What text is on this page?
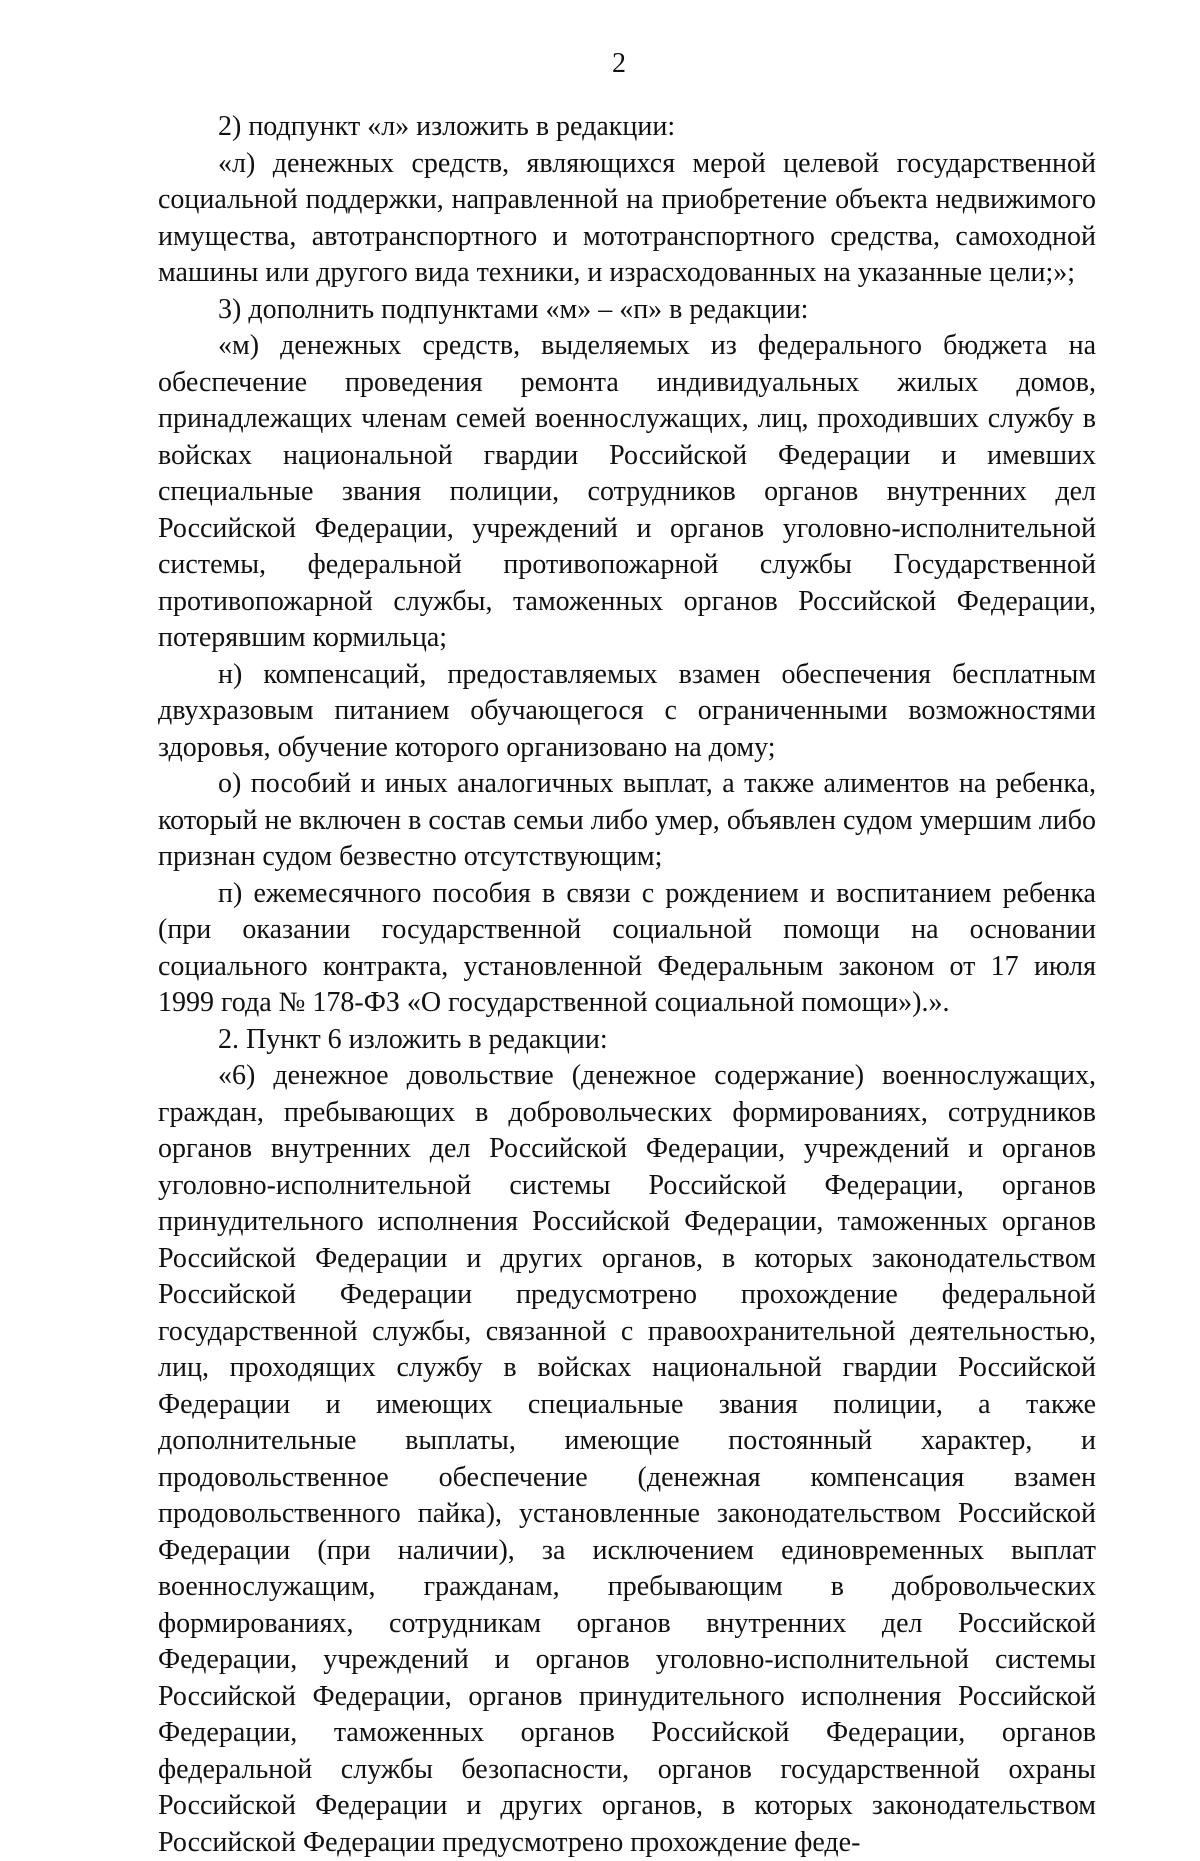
2

2) подпункт «л» изложить в редакции:

«л) денежных средств, являющихся мерой целевой государственной социальной поддержки, направленной на приобретение объекта недвижимого имущества, автотранспортного и мототранспортного средства, самоходной машины или другого вида техники, и израсходованных на указанные цели;»;

3) дополнить подпунктами «м» – «п» в редакции:

«м) денежных средств, выделяемых из федерального бюджета на обеспечение проведения ремонта индивидуальных жилых домов, принадлежащих членам семей военнослужащих, лиц, проходивших службу в войсках национальной гвардии Российской Федерации и имевших специальные звания полиции, сотрудников органов внутренних дел Российской Федерации, учреждений и органов уголовно-исполнительной системы, федеральной противопожарной службы Государственной противопожарной службы, таможенных органов Российской Федерации, потерявшим кормильца;

н) компенсаций, предоставляемых взамен обеспечения бесплатным двухразовым питанием обучающегося с ограниченными возможностями здоровья, обучение которого организовано на дому;

о) пособий и иных аналогичных выплат, а также алиментов на ребенка, который не включен в состав семьи либо умер, объявлен судом умершим либо признан судом безвестно отсутствующим;

п) ежемесячного пособия в связи с рождением и воспитанием ребенка (при оказании государственной социальной помощи на основании социального контракта, установленной Федеральным законом от 17 июля 1999 года № 178-ФЗ «О государственной социальной помощи»).».

2. Пункт 6 изложить в редакции:

«6) денежное довольствие (денежное содержание) военнослужащих, граждан, пребывающих в добровольческих формированиях, сотрудников органов внутренних дел Российской Федерации, учреждений и органов уголовно-исполнительной системы Российской Федерации, органов принудительного исполнения Российской Федерации, таможенных органов Российской Федерации и других органов, в которых законодательством Российской Федерации предусмотрено прохождение федеральной государственной службы, связанной с правоохранительной деятельностью, лиц, проходящих службу в войсках национальной гвардии Российской Федерации и имеющих специальные звания полиции, а также дополнительные выплаты, имеющие постоянный характер, и продовольственное обеспечение (денежная компенсация взамен продовольственного пайка), установленные законодательством Российской Федерации (при наличии), за исключением единовременных выплат военнослужащим, гражданам, пребывающим в добровольческих формированиях, сотрудникам органов внутренних дел Российской Федерации, учреждений и органов уголовно-исполнительной системы Российской Федерации, органов принудительного исполнения Российской Федерации, таможенных органов Российской Федерации, органов федеральной службы безопасности, органов государственной охраны Российской Федерации и других органов, в которых законодательством Российской Федерации предусмотрено прохождение феде-
